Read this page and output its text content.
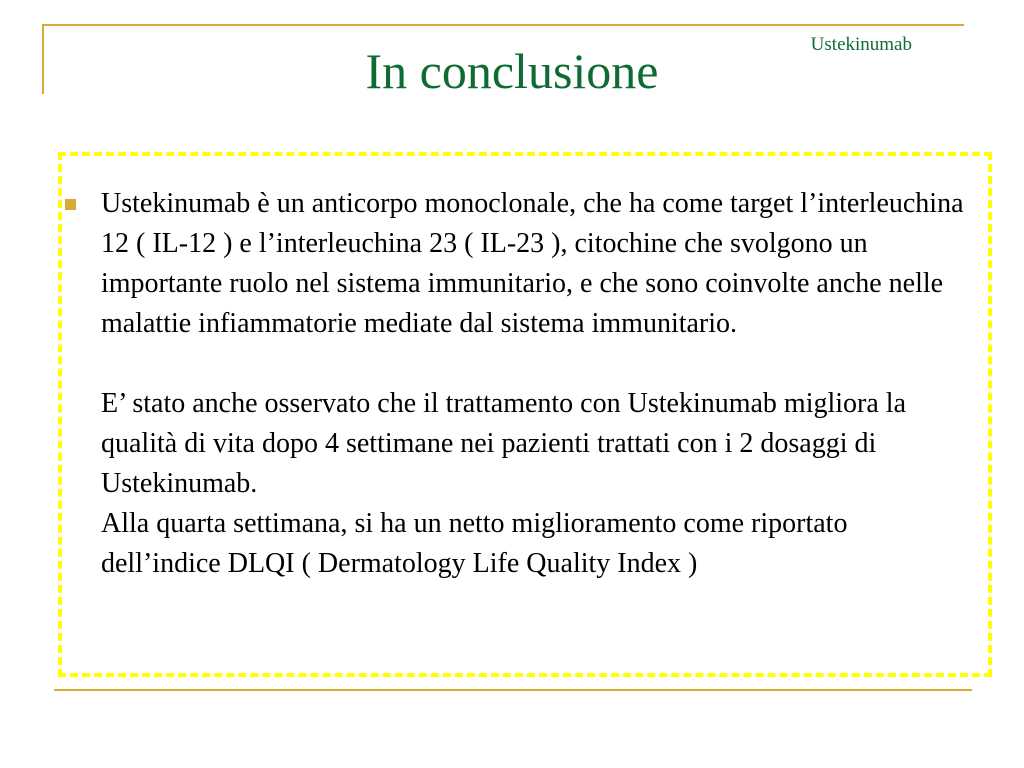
Ustekinumab
In conclusione
Ustekinumab è un anticorpo monoclonale, che ha come target l’interleuchina 12 ( IL-12 ) e l’interleuchina 23 ( IL-23 ), citochine che svolgono un importante ruolo nel sistema immunitario, e che sono coinvolte anche nelle malattie infiammatorie mediate dal sistema immunitario.
E’ stato anche osservato che il trattamento con Ustekinumab migliora la qualità di vita dopo 4 settimane nei pazienti trattati con i 2 dosaggi di Ustekinumab.
Alla quarta settimana, si ha un netto miglioramento come riportato dell’indice DLQI ( Dermatology Life Quality Index )
